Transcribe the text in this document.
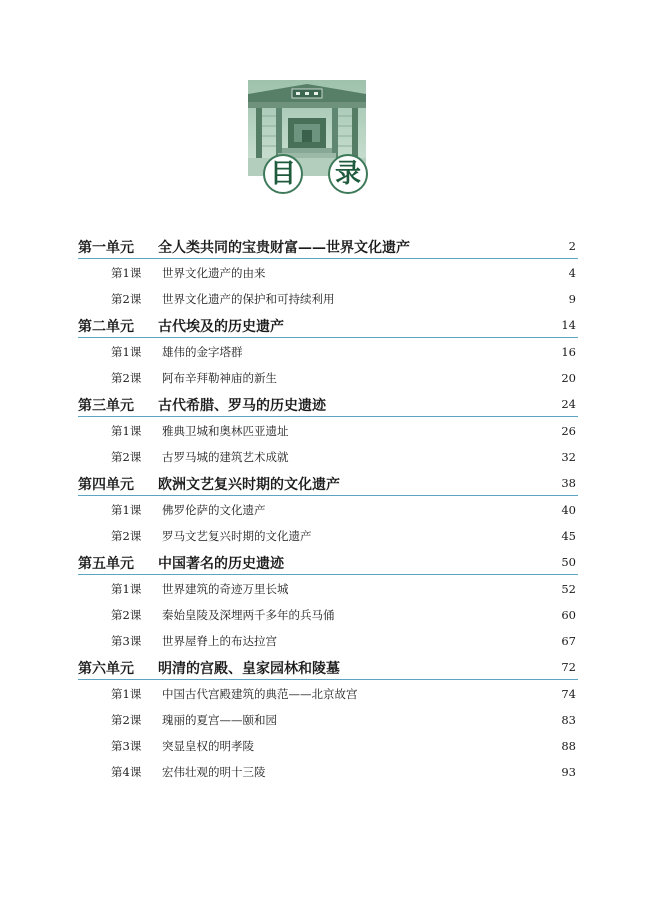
目 录
第一单元 全人类共同的宝贵财富——世界文化遗产	2
第1课 世界文化遗产的由来	4
第2课 世界文化遗产的保护和可持续利用	9
第二单元 古代埃及的历史遗产	14
第1课 雄伟的金字塔群	16
第2课 阿布辛拜勒神庙的新生	20
第三单元 古代希腊、罗马的历史遗迹	24
第1课 雅典卫城和奥林匹亚遗址	26
第2课 古罗马城的建筑艺术成就	32
第四单元 欧洲文艺复兴时期的文化遗产	38
第1课 佛罗伦萨的文化遗产	40
第2课 罗马文艺复兴时期的文化遗产	45
第五单元 中国著名的历史遗迹	50
第1课 世界建筑的奇迹万里长城	52
第2课 秦始皇陵及深埋两千多年的兵马俑	60
第3课 世界屋脊上的布达拉宫	67
第六单元 明清的宫殿、皇家园林和陵墓	72
第1课 中国古代宫殿建筑的典范——北京故宫	74
第2课 瑰丽的夏宫——颐和园	83
第3课 突显皇权的明孝陵	88
第4课 宏伟壮观的明十三陵	93
